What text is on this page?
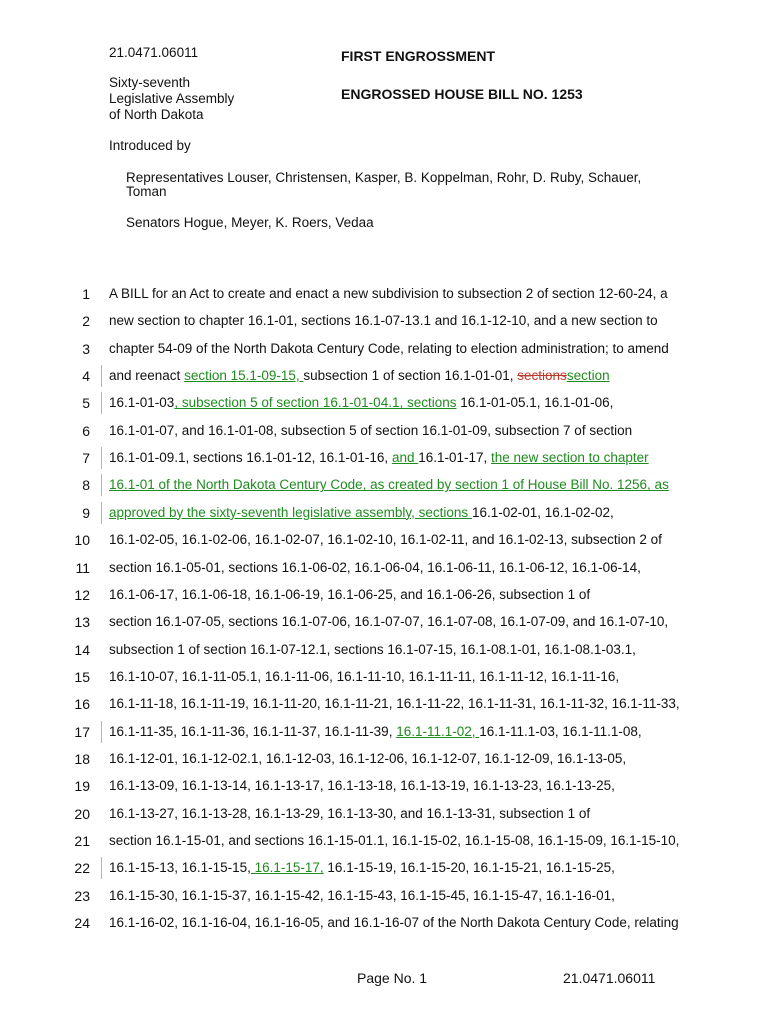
21.0471.06011	FIRST ENGROSSMENT
Sixty-seventh
Legislative Assembly
of North Dakota
ENGROSSED HOUSE BILL NO. 1253
Introduced by
Representatives Louser, Christensen, Kasper, B. Koppelman, Rohr, D. Ruby, Schauer,
Toman
Senators Hogue, Meyer, K. Roers, Vedaa
1 A BILL for an Act to create and enact a new subdivision to subsection 2 of section 12-60-24, a
2 new section to chapter 16.1-01, sections 16.1-07-13.1 and 16.1-12-10, and a new section to
3 chapter 54-09 of the North Dakota Century Code, relating to election administration; to amend
4 and reenact section 15.1-09-15, subsection 1 of section 16.1-01-01, sectionssection
5 16.1-01-03, subsection 5 of section 16.1-01-04.1, sections 16.1-01-05.1, 16.1-01-06,
6 16.1-01-07, and 16.1-01-08, subsection 5 of section 16.1-01-09, subsection 7 of section
7 16.1-01-09.1, sections 16.1-01-12, 16.1-01-16, and 16.1-01-17, the new section to chapter
8 16.1-01 of the North Dakota Century Code, as created by section 1 of House Bill No. 1256, as
9 approved by the sixty-seventh legislative assembly, sections 16.1-02-01, 16.1-02-02,
10 16.1-02-05, 16.1-02-06, 16.1-02-07, 16.1-02-10, 16.1-02-11, and 16.1-02-13, subsection 2 of
11 section 16.1-05-01, sections 16.1-06-02, 16.1-06-04, 16.1-06-11, 16.1-06-12, 16.1-06-14,
12 16.1-06-17, 16.1-06-18, 16.1-06-19, 16.1-06-25, and 16.1-06-26, subsection 1 of
13 section 16.1-07-05, sections 16.1-07-06, 16.1-07-07, 16.1-07-08, 16.1-07-09, and 16.1-07-10,
14 subsection 1 of section 16.1-07-12.1, sections 16.1-07-15, 16.1-08.1-01, 16.1-08.1-03.1,
15 16.1-10-07, 16.1-11-05.1, 16.1-11-06, 16.1-11-10, 16.1-11-11, 16.1-11-12, 16.1-11-16,
16 16.1-11-18, 16.1-11-19, 16.1-11-20, 16.1-11-21, 16.1-11-22, 16.1-11-31, 16.1-11-32, 16.1-11-33,
17 16.1-11-35, 16.1-11-36, 16.1-11-37, 16.1-11-39, 16.1-11.1-02, 16.1-11.1-03, 16.1-11.1-08,
18 16.1-12-01, 16.1-12-02.1, 16.1-12-03, 16.1-12-06, 16.1-12-07, 16.1-12-09, 16.1-13-05,
19 16.1-13-09, 16.1-13-14, 16.1-13-17, 16.1-13-18, 16.1-13-19, 16.1-13-23, 16.1-13-25,
20 16.1-13-27, 16.1-13-28, 16.1-13-29, 16.1-13-30, and 16.1-13-31, subsection 1 of
21 section 16.1-15-01, and sections 16.1-15-01.1, 16.1-15-02, 16.1-15-08, 16.1-15-09, 16.1-15-10,
22 16.1-15-13, 16.1-15-15, 16.1-15-17, 16.1-15-19, 16.1-15-20, 16.1-15-21, 16.1-15-25,
23 16.1-15-30, 16.1-15-37, 16.1-15-42, 16.1-15-43, 16.1-15-45, 16.1-15-47, 16.1-16-01,
24 16.1-16-02, 16.1-16-04, 16.1-16-05, and 16.1-16-07 of the North Dakota Century Code, relating
Page No. 1	21.0471.06011
